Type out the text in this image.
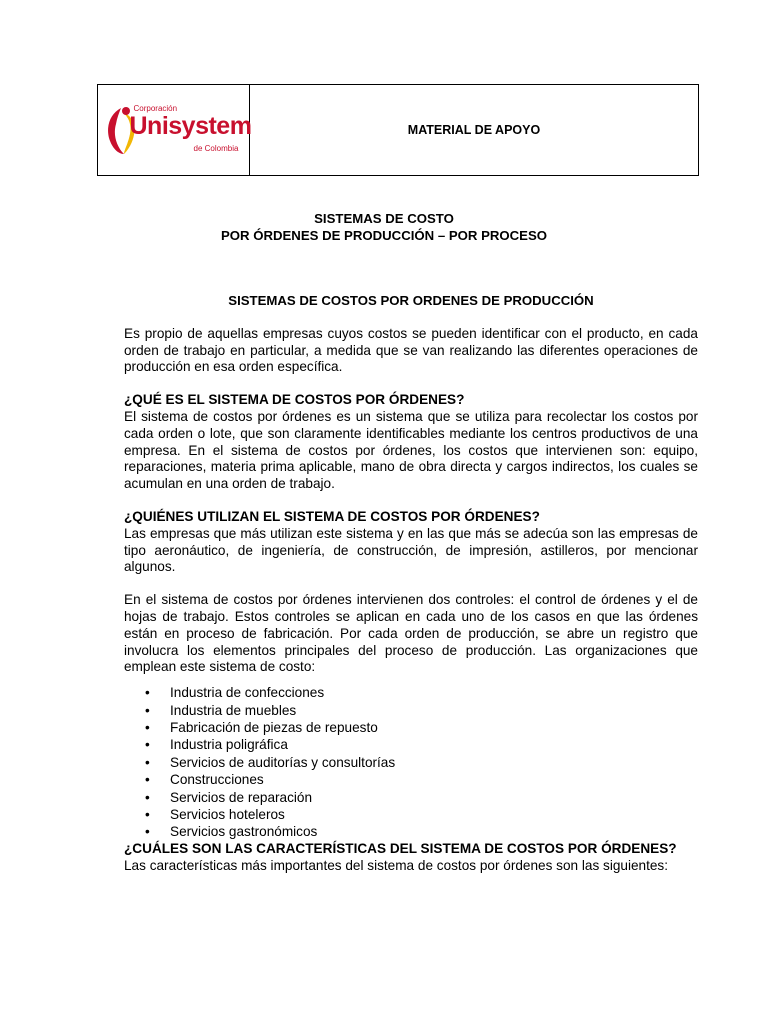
Corporación
Unisystem
de Colombia
MATERIAL DE APOYO
SISTEMAS DE COSTO
POR ÓRDENES DE PRODUCCIÓN – POR PROCESO
SISTEMAS DE COSTOS POR ORDENES DE PRODUCCIÓN

Es propio de aquellas empresas cuyos costos se pueden identificar con el producto, en cada orden de trabajo en particular, a medida que se van realizando las diferentes operaciones de producción en esa orden específica.

¿QUÉ ES EL SISTEMA DE COSTOS POR ÓRDENES?

El sistema de costos por órdenes es un sistema que se utiliza para recolectar los costos por cada orden o lote, que son claramente identificables mediante los centros productivos de una empresa. En el sistema de costos por órdenes, los costos que intervienen son: equipo, reparaciones, materia prima aplicable, mano de obra directa y cargos indirectos, los cuales se acumulan en una orden de trabajo.

¿QUIÉNES UTILIZAN EL SISTEMA DE COSTOS POR ÓRDENES?

Las empresas que más utilizan este sistema y en las que más se adecúa son las empresas de tipo aeronáutico, de ingeniería, de construcción, de impresión, astilleros, por mencionar algunos.

En el sistema de costos por órdenes intervienen dos controles: el control de órdenes y el de hojas de trabajo. Estos controles se aplican en cada uno de los casos en que las órdenes están en proceso de fabricación. Por cada orden de producción, se abre un registro que involucra los elementos principales del proceso de producción. Las organizaciones que emplean este sistema de costo:

• Industria de confecciones
• Industria de muebles
• Fabricación de piezas de repuesto
• Industria poligráfica
• Servicios de auditorías y consultorías
• Construcciones
• Servicios de reparación
• Servicios hoteleros
• Servicios gastronómicos

¿CUÁLES SON LAS CARACTERÍSTICAS DEL SISTEMA DE COSTOS POR ÓRDENES?

Las características más importantes del sistema de costos por órdenes son las siguientes:
